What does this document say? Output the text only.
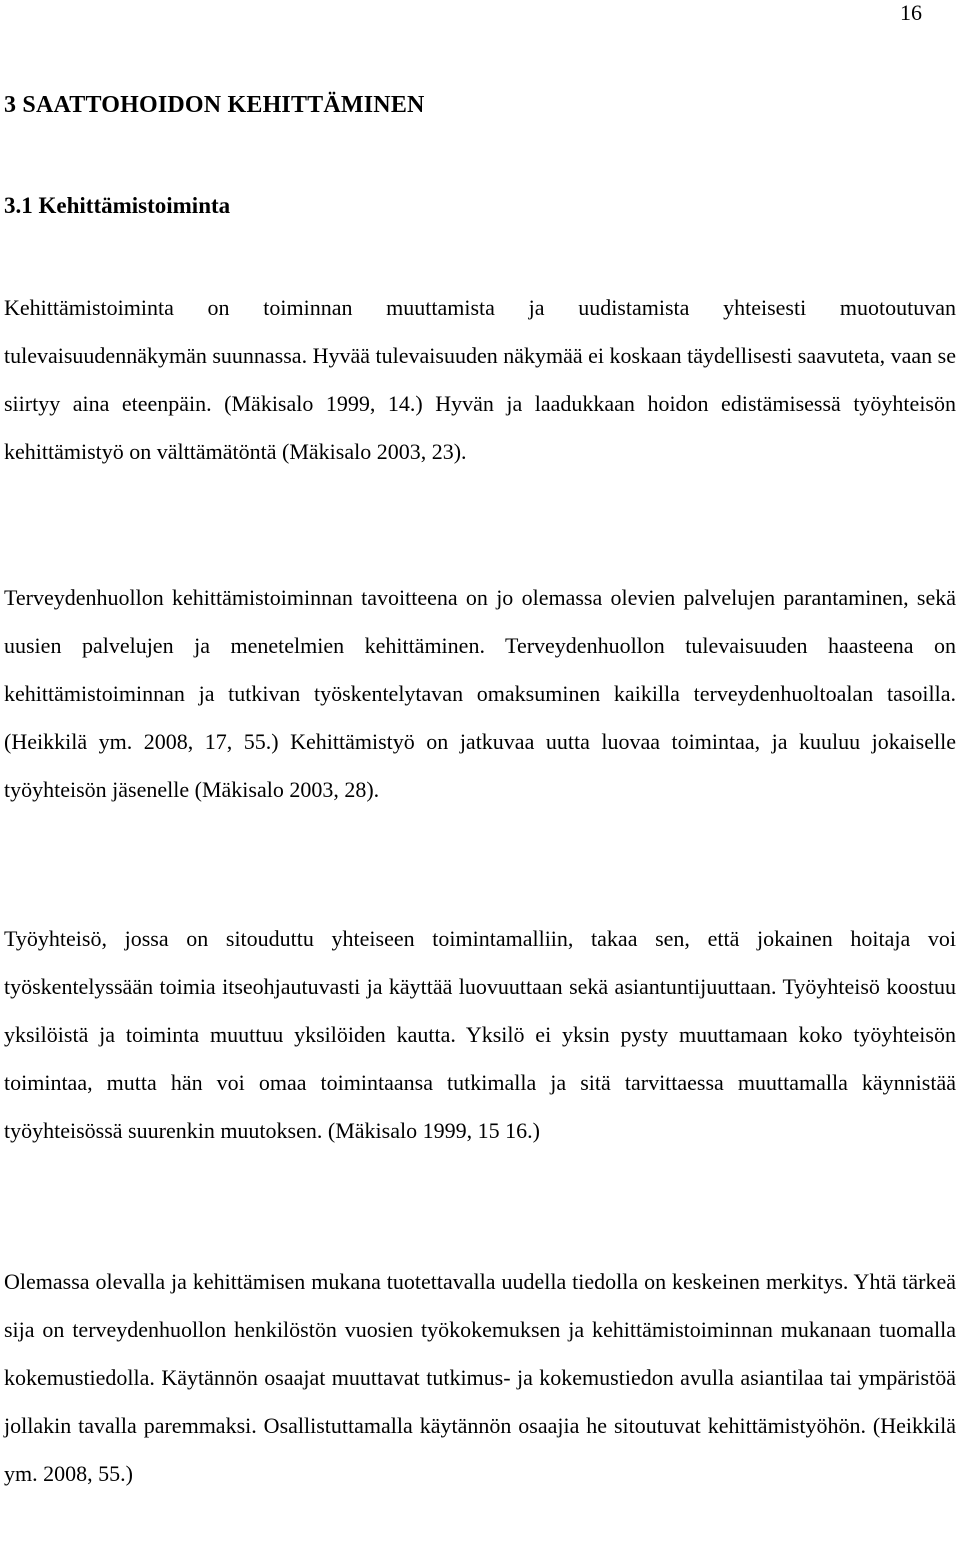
16
3 SAATTOHOIDON KEHITTÄMINEN
3.1 Kehittämistoiminta

Kehittämistoiminta on toiminnan muuttamista ja uudistamista yhteisesti muotoutuvan tulevaisuudennäkymän suunnassa. Hyvää tulevaisuuden näkymää ei koskaan täydellisesti saavuteta, vaan se siirtyy aina eteenpäin. (Mäkisalo 1999, 14.) Hyvän ja laadukkaan hoidon edistämisessä työyhteisön kehittämistyö on välttämätöntä (Mäkisalo 2003, 23).

Terveydenhuollon kehittämistoiminnan tavoitteena on jo olemassa olevien palvelujen parantaminen, sekä uusien palvelujen ja menetelmien kehittäminen. Terveydenhuollon tulevaisuuden haasteena on kehittämistoiminnan ja tutkivan työskentelytavan omaksuminen kaikilla terveydenhuoltoalan tasoilla. (Heikkilä ym. 2008, 17, 55.) Kehittämistyö on jatkuvaa uutta luovaa toimintaa, ja kuuluu jokaiselle työyhteisön jäsenelle (Mäkisalo 2003, 28).

Työyhteisö, jossa on sitouduttu yhteiseen toimintamalliin, takaa sen, että jokainen hoitaja voi työskentelyssään toimia itseohjautuvasti ja käyttää luovuuttaan sekä asiantuntijuuttaan. Työyhteisö koostuu yksilöistä ja toiminta muuttuu yksilöiden kautta. Yksilö ei yksin pysty muuttamaan koko työyhteisön toimintaa, mutta hän voi omaa toimintaansa tutkimalla ja sitä tarvittaessa muuttamalla käynnistää työyhteisössä suurenkin muutoksen. (Mäkisalo 1999, 15 16.)

Olemassa olevalla ja kehittämisen mukana tuotettavalla uudella tiedolla on keskeinen merkitys. Yhtä tärkeä sija on terveydenhuollon henkilöstön vuosien työkokemuksen ja kehittämistoiminnan mukanaan tuomalla kokemustiedolla. Käytännön osaajat muuttavat tutkimus- ja kokemustiedon avulla asiantilaa tai ympäristöä jollakin tavalla paremmaksi. Osallistuttamalla käytännön osaajia he sitoutuvat kehittämistyöhön. (Heikkilä ym. 2008, 55.)
